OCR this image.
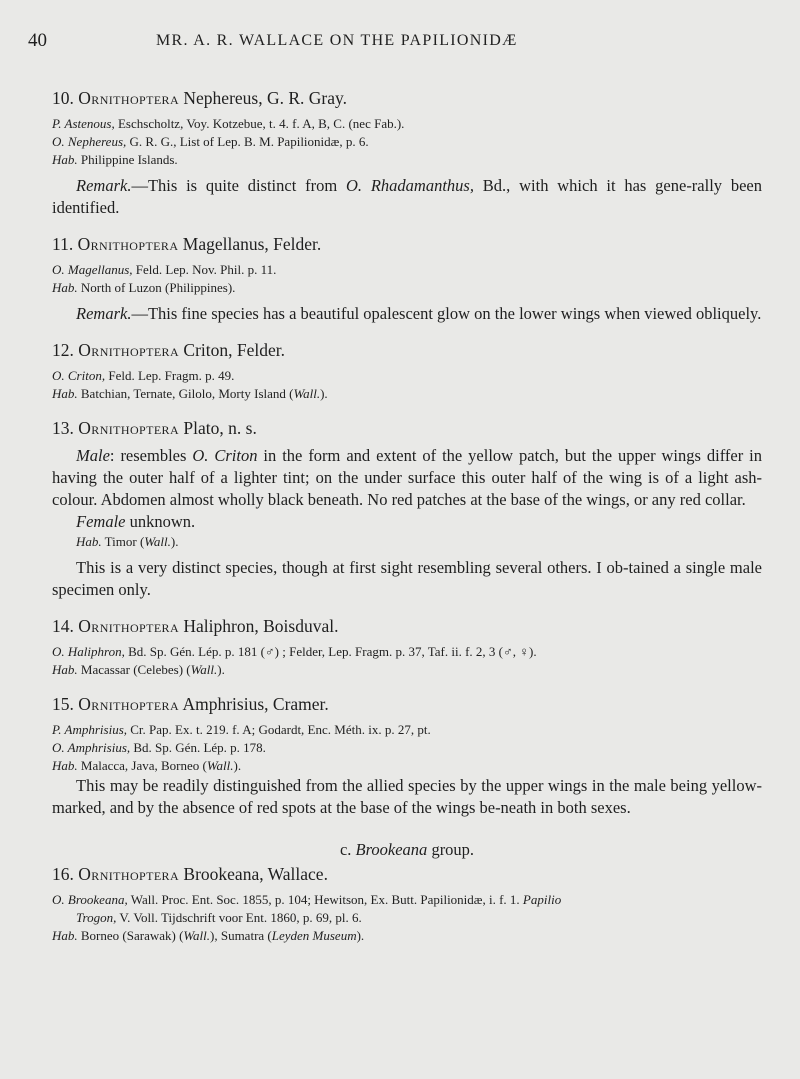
40	MR. A. R. WALLACE ON THE PAPILIONIDÆ

10. Ornithoptera Nephereus, G. R. Gray.

P. Astenous, Eschscholtz, Voy. Kotzebue, t. 4. f. A, B, C. (nec Fab.).

O. Nephereus, G. R. G., List of Lep. B. M. Papilionidæ, p. 6.

Hab. Philippine Islands.

Remark.—This is quite distinct from O. Rhadamanthus, Bd., with which it has gene-rally been identified.

11. Ornithoptera Magellanus, Felder.

O. Magellanus, Feld. Lep. Nov. Phil. p. 11.

Hab. North of Luzon (Philippines).

Remark.—This fine species has a beautiful opalescent glow on the lower wings when viewed obliquely.

12. Ornithoptera Criton, Felder.

O. Criton, Feld. Lep. Fragm. p. 49.

Hab. Batchian, Ternate, Gilolo, Morty Island (Wall.).

13. Ornithoptera Plato, n. s.

Male: resembles O. Criton in the form and extent of the yellow patch, but the upper wings differ in having the outer half of a lighter tint; on the under surface this outer half of the wing is of a light ash-colour. Abdomen almost wholly black beneath. No red patches at the base of the wings, or any red collar.

Female unknown.

Hab. Timor (Wall.).

This is a very distinct species, though at first sight resembling several others. I ob-tained a single male specimen only.

14. Ornithoptera Haliphron, Boisduval.

O. Haliphron, Bd. Sp. Gén. Lép. p. 181 (♂) ; Felder, Lep. Fragm. p. 37, Taf. ii. f. 2, 3 (♂, ♀).

Hab. Macassar (Celebes) (Wall.).

15. Ornithoptera Amphrisius, Cramer.

P. Amphrisius, Cr. Pap. Ex. t. 219. f. A; Godardt, Enc. Méth. ix. p. 27, pt.

O. Amphrisius, Bd. Sp. Gén. Lép. p. 178.

Hab. Malacca, Java, Borneo (Wall.).

This may be readily distinguished from the allied species by the upper wings in the male being yellow-marked, and by the absence of red spots at the base of the wings be-neath in both sexes.

c. Brookeana group.

16. Ornithoptera Brookeana, Wallace.

O. Brookeana, Wall. Proc. Ent. Soc. 1855, p. 104; Hewitson, Ex. Butt. Papilionidæ, i. f. 1. Papilio

Trogon, V. Voll. Tijdschrift voor Ent. 1860, p. 69, pl. 6.

Hab. Borneo (Sarawak) (Wall.), Sumatra (Leyden Museum).
